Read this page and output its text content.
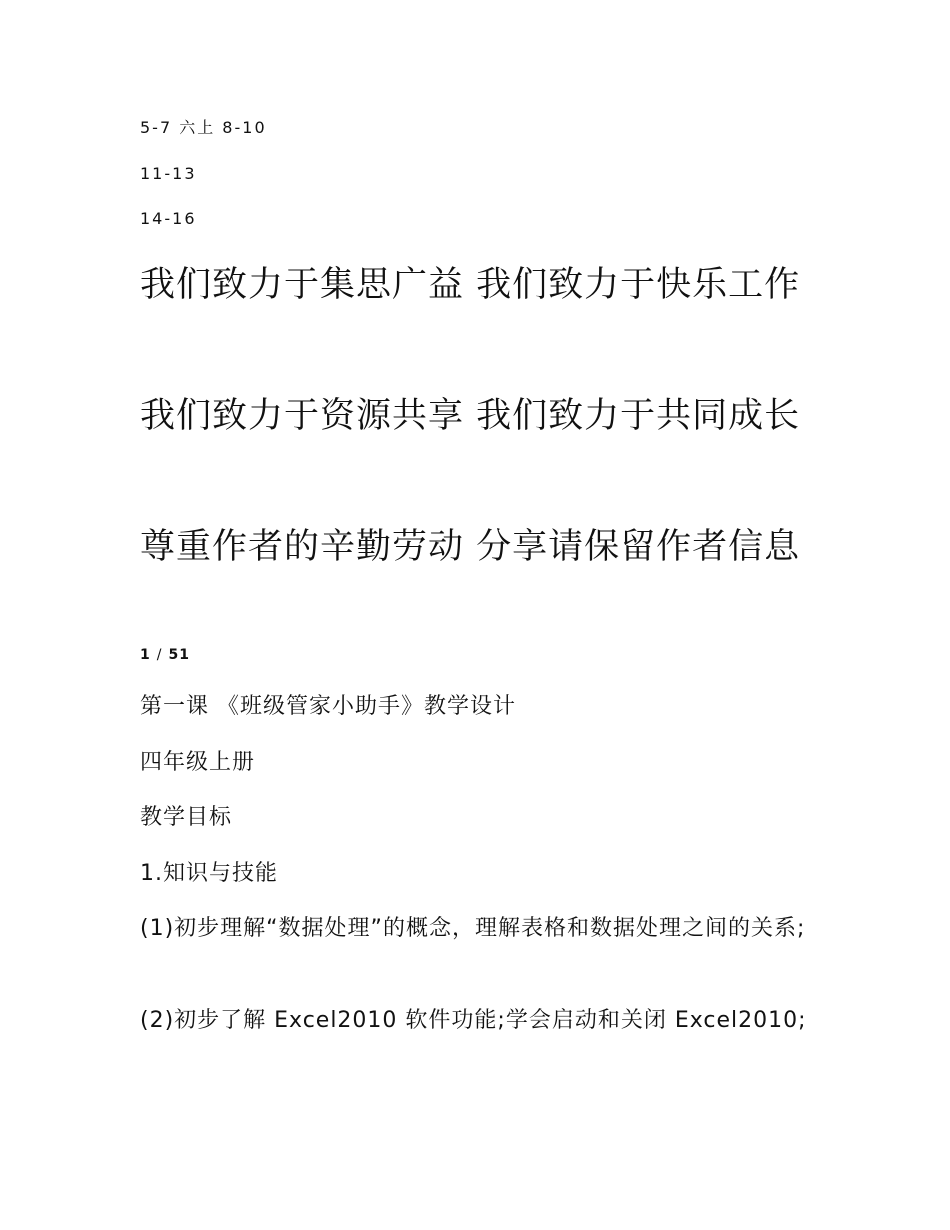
5-7 六上 8-10
11-13
14-16
我们致力于集思广益 我们致力于快乐工作
我们致力于资源共享 我们致力于共同成长
尊重作者的辛勤劳动 分享请保留作者信息
1 / 51
第一课 《班级管家小助手》教学设计
四年级上册
教学目标
1.知识与技能
(1)初步理解“数据处理”的概念，理解表格和数据处理之间的关系;
(2)初步了解 Excel2010 软件功能;学会启动和关闭 Excel2010;
